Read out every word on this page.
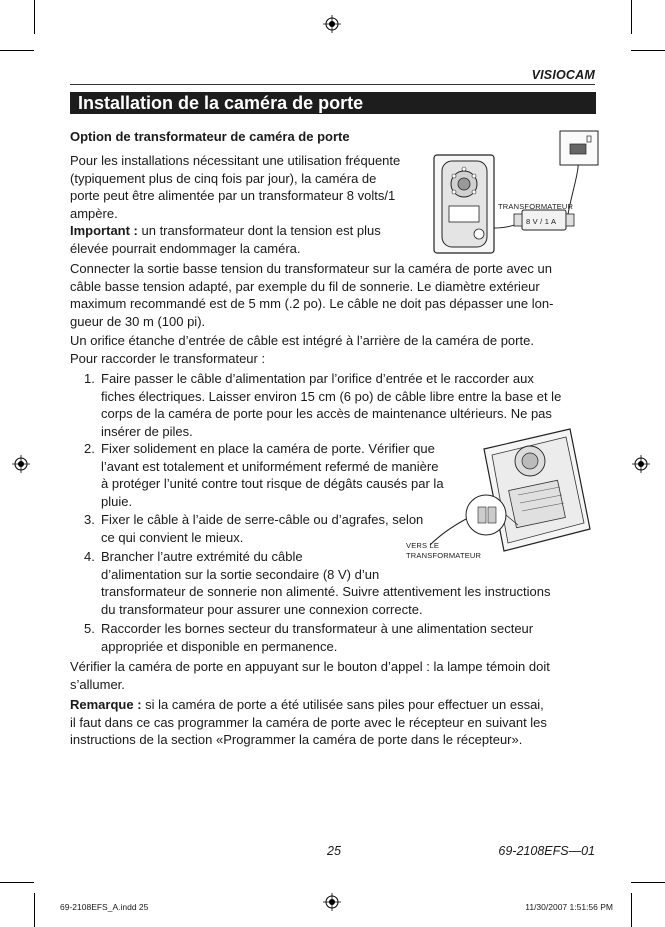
VISIOCAM
Installation de la caméra de porte
Option de transformateur de caméra de porte

Pour les installations nécessitant une utilisation fréquente

(typiquement plus de cinq fois par jour), la caméra de

porte peut être alimentée par un transformateur 8 volts/1

ampère.

Important : un transformateur dont la tension est plus

élevée pourrait endommager la caméra.

Connecter la sortie basse tension du transformateur sur la caméra de porte avec un

câble basse tension adapté, par exemple du fil de sonnerie. Le diamètre extérieur

maximum recommandé est de 5 mm (.2 po). Le câble ne doit pas dépasser une lon-

gueur de 30 m (100 pi).

Un orifice étanche d’entrée de câble est intégré à l’arrière de la caméra de porte.

Pour raccorder le transformateur :

1. Faire passer le câble d’alimentation par l’orifice d’entrée et le raccorder aux

fiches électriques. Laisser environ 15 cm (6 po) de câble libre entre la base et le

corps de la caméra de porte pour les accès de maintenance ultérieurs. Ne pas

insérer de piles.

2. Fixer solidement en place la caméra de porte. Vérifier que

l’avant est totalement et uniformément refermé de manière

à protéger l’unité contre tout risque de dégâts causés par la

pluie.

3. Fixer le câble à l’aide de serre-câble ou d’agrafes, selon

ce qui convient le mieux.

4. Brancher l’autre extrémité du câble

d’alimentation sur la sortie secondaire (8 V) d’un

transformateur de sonnerie non alimenté. Suivre attentivement les instructions

du transformateur pour assurer une connexion correcte.

5. Raccorder les bornes secteur du transformateur à une alimentation secteur

appropriée et disponible en permanence.

Vérifier la caméra de porte en appuyant sur le bouton d’appel : la lampe témoin doit

s’allumer.

Remarque : si la caméra de porte a été utilisée sans piles pour effectuer un essai,

il faut dans ce cas programmer la caméra de porte avec le récepteur en suivant les

instructions de la section «Programmer la caméra de porte dans le récepteur».

TRANSFORMATEUR
8 V / 1 A
VERS LE
TRANSFORMATEUR
25	69-2108EFS—01
69-2108EFS_A.indd 25	11/30/2007 1:51:56 PM
